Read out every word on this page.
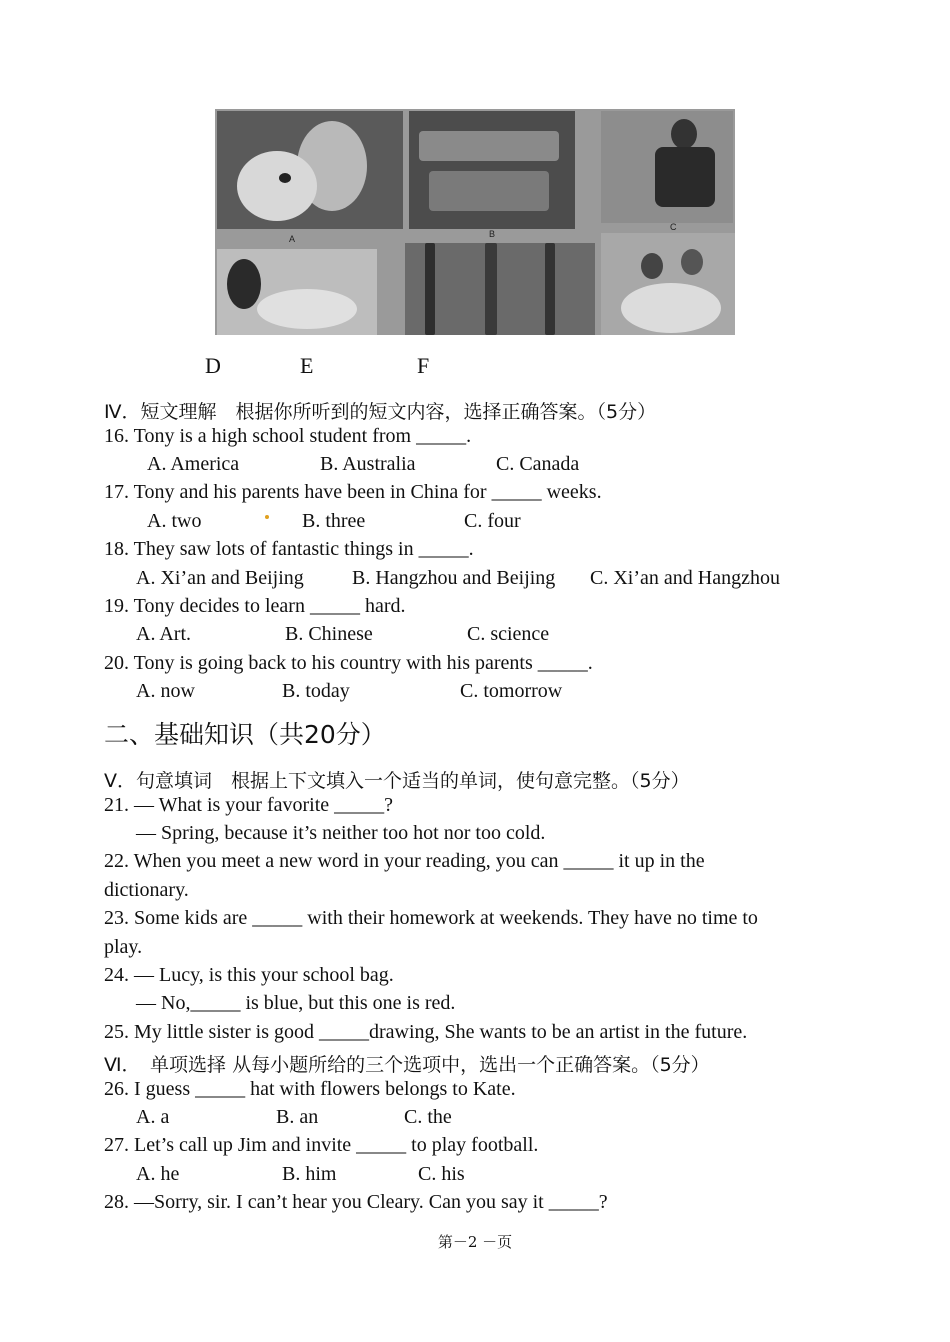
A	B
C
D	E	F
Ⅳ．短文理解　根据你所听到的短文内容，选择正确答案。（5分）
16. Tony is a high school student from _____.
A. America	B. Australia	C. Canada
17. Tony and his parents have been in China for _____ weeks.
A. two	B. three	C. four
18. They saw lots of fantastic things in _____.
A. Xi’an and Beijing B. Hangzhou and Beijing C. Xi’an and Hangzhou
19. Tony decides to learn _____ hard.
A. Art.	B. Chinese	C. science
20. Tony is going back to his country with his parents _____.
A. now	B. today	C. tomorrow
二、基础知识（共20分）
Ⅴ．句意填词　根据上下文填入一个适当的单词，使句意完整。（5分）
21. — What is your favorite _____?
— Spring, because it’s neither too hot nor too cold.
22. When you meet a new word in your reading, you can _____ it up in the
dictionary.
23. Some kids are _____ with their homework at weekends. They have no time to
play.
24. — Lucy, is this your school bag.
— No,_____ is blue, but this one is red.
25. My little sister is good _____drawing, She wants to be an artist in the future.
Ⅵ．　单项选择 从每小题所给的三个选项中，选出一个正确答案。（5分）
26. I guess _____ hat with flowers belongs to Kate.
A. a	B. an	C. the
27. Let’s call up Jim and invite _____ to play football.
A. he	B. him	C. his
28. —Sorry, sir. I can’t hear you Cleary. Can you say it _____?
第－2 －页
